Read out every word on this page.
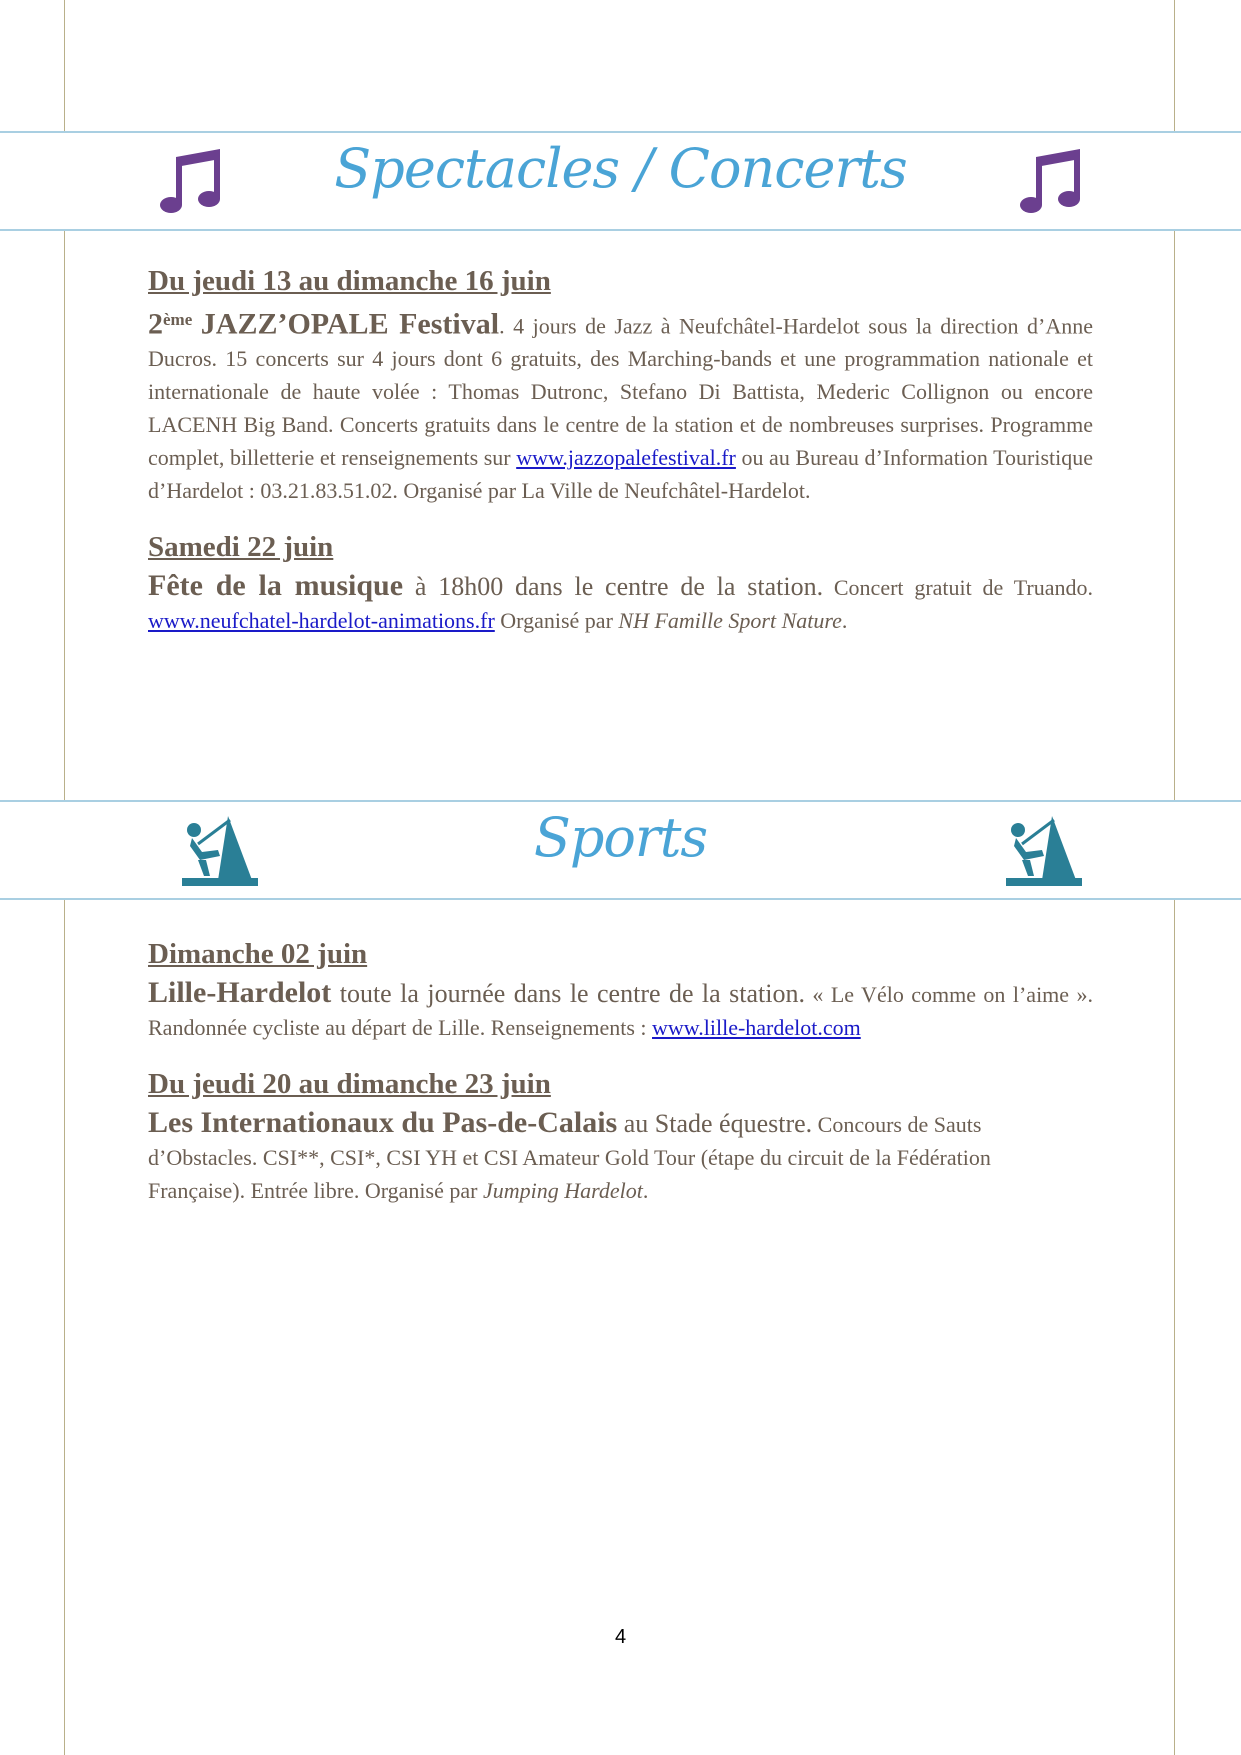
Spectacles / Concerts
Du jeudi 13 au dimanche 16 juin

2ème JAZZ’OPALE Festival. 4 jours de Jazz à Neufchâtel-Hardelot sous la direction d’Anne Ducros. 15 concerts sur 4 jours dont 6 gratuits, des Marching-bands et une programmation nationale et internationale de haute volée : Thomas Dutronc, Stefano Di Battista, Mederic Collignon ou encore LACENH Big Band. Concerts gratuits dans le centre de la station et de nombreuses surprises. Programme complet, billetterie et renseignements sur www.jazzopalefestival.fr ou au Bureau d’Information Touristique d’Hardelot : 03.21.83.51.02. Organisé par La Ville de Neufchâtel-Hardelot.

Samedi 22 juin

Fête de la musique à 18h00 dans le centre de la station. Concert gratuit de Truando. www.neufchatel-hardelot-animations.fr Organisé par NH Famille Sport Nature.

Sports
Dimanche 02 juin

Lille-Hardelot toute la journée dans le centre de la station. « Le Vélo comme on l’aime ». Randonnée cycliste au départ de Lille. Renseignements : www.lille-hardelot.com

Du jeudi 20 au dimanche 23 juin

Les Internationaux du Pas-de-Calais au Stade équestre. Concours de Sauts d’Obstacles. CSI**, CSI*, CSI YH et CSI Amateur Gold Tour (étape du circuit de la Fédération Française). Entrée libre. Organisé par Jumping Hardelot.

4
